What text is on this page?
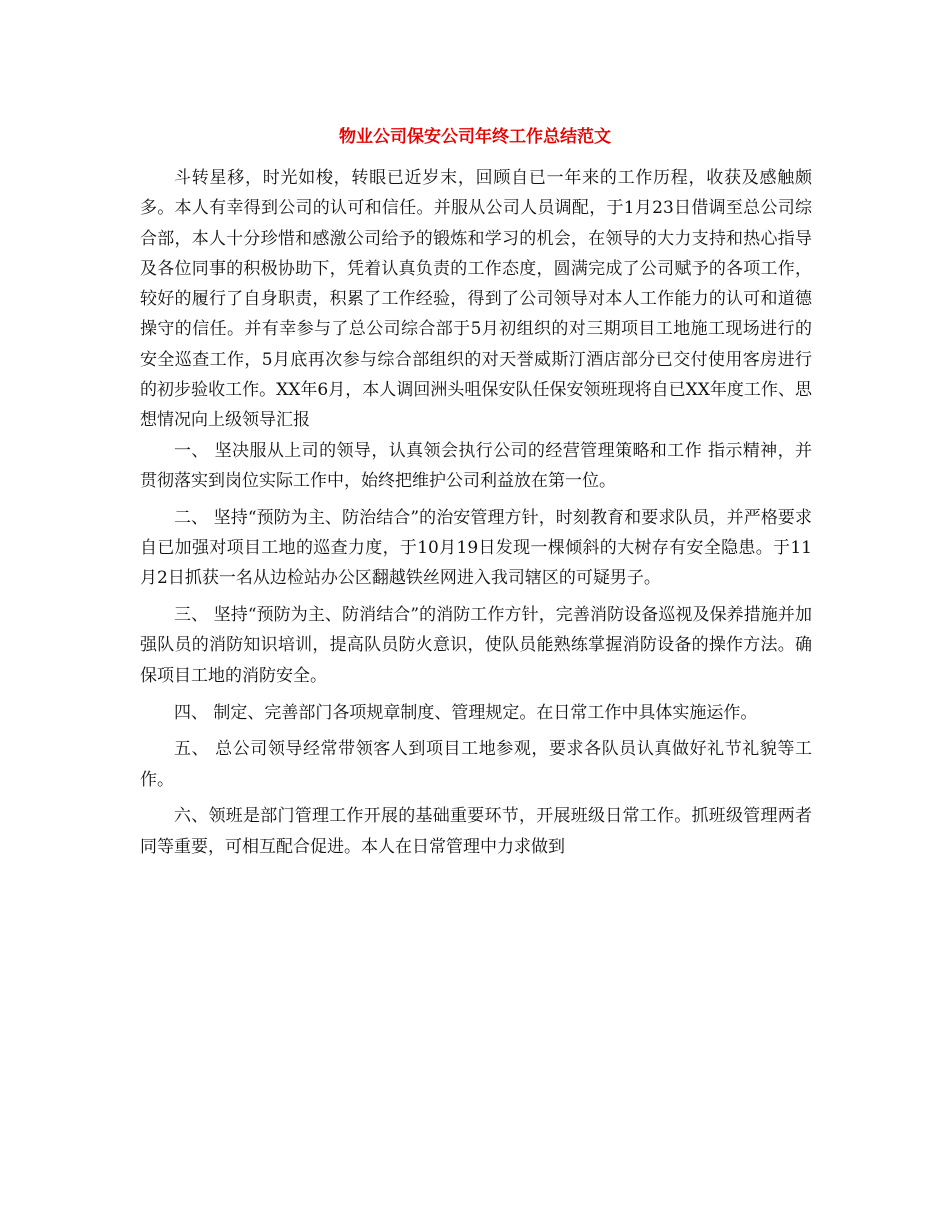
物业公司保安公司年终工作总结范文

斗转星移，时光如梭，转眼已近岁末，回顾自已一年来的工作历程，收获及感触颇多。本人有幸得到公司的认可和信任。并服从公司人员调配，于1月23日借调至总公司综合部，本人十分珍惜和感激公司给予的锻炼和学习的机会，在领导的大力支持和热心指导及各位同事的积极协助下，凭着认真负责的工作态度，圆满完成了公司赋予的各项工作，较好的履行了自身职责，积累了工作经验，得到了公司领导对本人工作能力的认可和道德操守的信任。并有幸参与了总公司综合部于5月初组织的对三期项目工地施工现场进行的安全巡查工作，5月底再次参与综合部组织的对天誉威斯汀酒店部分已交付使用客房进行的初步验收工作。XX年6月，本人调回洲头咀保安队任保安领班现将自已XX年度工作、思想情况向上级领导汇报

一、 坚决服从上司的领导，认真领会执行公司的经营管理策略和工作 指示精神，并贯彻落实到岗位实际工作中，始终把维护公司利益放在第一位。

二、 坚持“预防为主、防治结合”的治安管理方针，时刻教育和要求队员，并严格要求自已加强对项目工地的巡查力度，于10月19日发现一棵倾斜的大树存有安全隐患。于11月2日抓获一名从边检站办公区翻越铁丝网进入我司辖区的可疑男子。

三、 坚持“预防为主、防消结合”的消防工作方针，完善消防设备巡视及保养措施并加强队员的消防知识培训，提高队员防火意识，使队员能熟练掌握消防设备的操作方法。确保项目工地的消防安全。

四、 制定、完善部门各项规章制度、管理规定。在日常工作中具体实施运作。

五、 总公司领导经常带领客人到项目工地参观，要求各队员认真做好礼节礼貌等工作。

六、领班是部门管理工作开展的基础重要环节，开展班级日常工作。抓班级管理两者同等重要，可相互配合促进。本人在日常管理中力求做到
